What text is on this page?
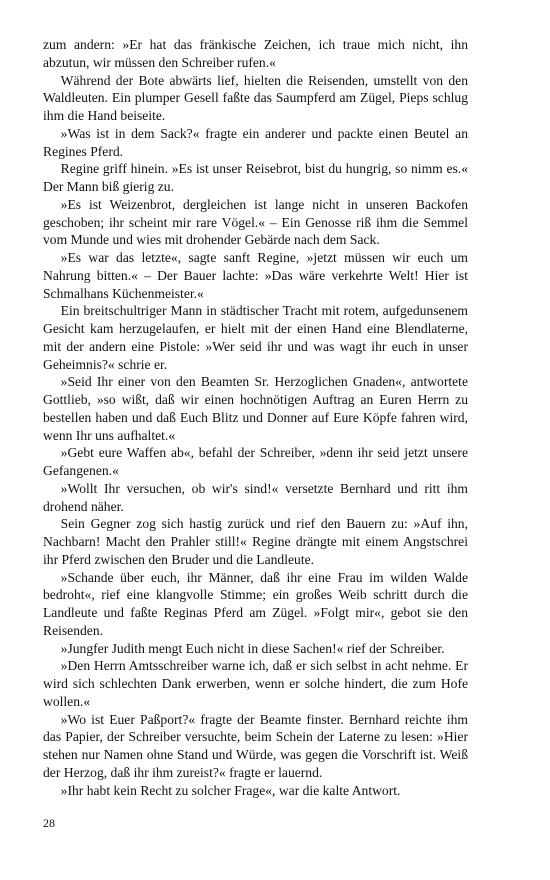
zum andern: »Er hat das fränkische Zeichen, ich traue mich nicht, ihn abzutun, wir müssen den Schreiber rufen.«

Während der Bote abwärts lief, hielten die Reisenden, umstellt von den Waldleuten. Ein plumper Gesell faßte das Saumpferd am Zügel, Pieps schlug ihm die Hand beiseite.

»Was ist in dem Sack?« fragte ein anderer und packte einen Beutel an Regines Pferd.

Regine griff hinein. »Es ist unser Reisebrot, bist du hungrig, so nimm es.« Der Mann biß gierig zu.

»Es ist Weizenbrot, dergleichen ist lange nicht in unseren Backofen geschoben; ihr scheint mir rare Vögel.« – Ein Genosse riß ihm die Semmel vom Munde und wies mit drohender Gebärde nach dem Sack.

»Es war das letzte«, sagte sanft Regine, »jetzt müssen wir euch um Nahrung bitten.« – Der Bauer lachte: »Das wäre verkehrte Welt! Hier ist Schmalhans Küchenmeister.«

Ein breitschultriger Mann in städtischer Tracht mit rotem, aufgedunsenem Gesicht kam herzugelaufen, er hielt mit der einen Hand eine Blendlaterne, mit der andern eine Pistole: »Wer seid ihr und was wagt ihr euch in unser Geheimnis?« schrie er.

»Seid Ihr einer von den Beamten Sr. Herzoglichen Gnaden«, antwortete Gottlieb, »so wißt, daß wir einen hochnötigen Auftrag an Euren Herrn zu bestellen haben und daß Euch Blitz und Donner auf Eure Köpfe fahren wird, wenn Ihr uns aufhaltet.«

»Gebt eure Waffen ab«, befahl der Schreiber, »denn ihr seid jetzt unsere Gefangenen.«

»Wollt Ihr versuchen, ob wir's sind!« versetzte Bernhard und ritt ihm drohend näher.

Sein Gegner zog sich hastig zurück und rief den Bauern zu: »Auf ihn, Nachbarn! Macht den Prahler still!« Regine drängte mit einem Angstschrei ihr Pferd zwischen den Bruder und die Landleute.

»Schande über euch, ihr Männer, daß ihr eine Frau im wilden Walde bedroht«, rief eine klangvolle Stimme; ein großes Weib schritt durch die Landleute und faßte Reginas Pferd am Zügel. »Folgt mir«, gebot sie den Reisenden.

»Jungfer Judith mengt Euch nicht in diese Sachen!« rief der Schreiber.

»Den Herrn Amtsschreiber warne ich, daß er sich selbst in acht nehme. Er wird sich schlechten Dank erwerben, wenn er solche hindert, die zum Hofe wollen.«

»Wo ist Euer Paßport?« fragte der Beamte finster. Bernhard reichte ihm das Papier, der Schreiber versuchte, beim Schein der Laterne zu lesen: »Hier stehen nur Namen ohne Stand und Würde, was gegen die Vorschrift ist. Weiß der Herzog, daß ihr ihm zureist?« fragte er lauernd.

»Ihr habt kein Recht zu solcher Frage«, war die kalte Antwort.

28
